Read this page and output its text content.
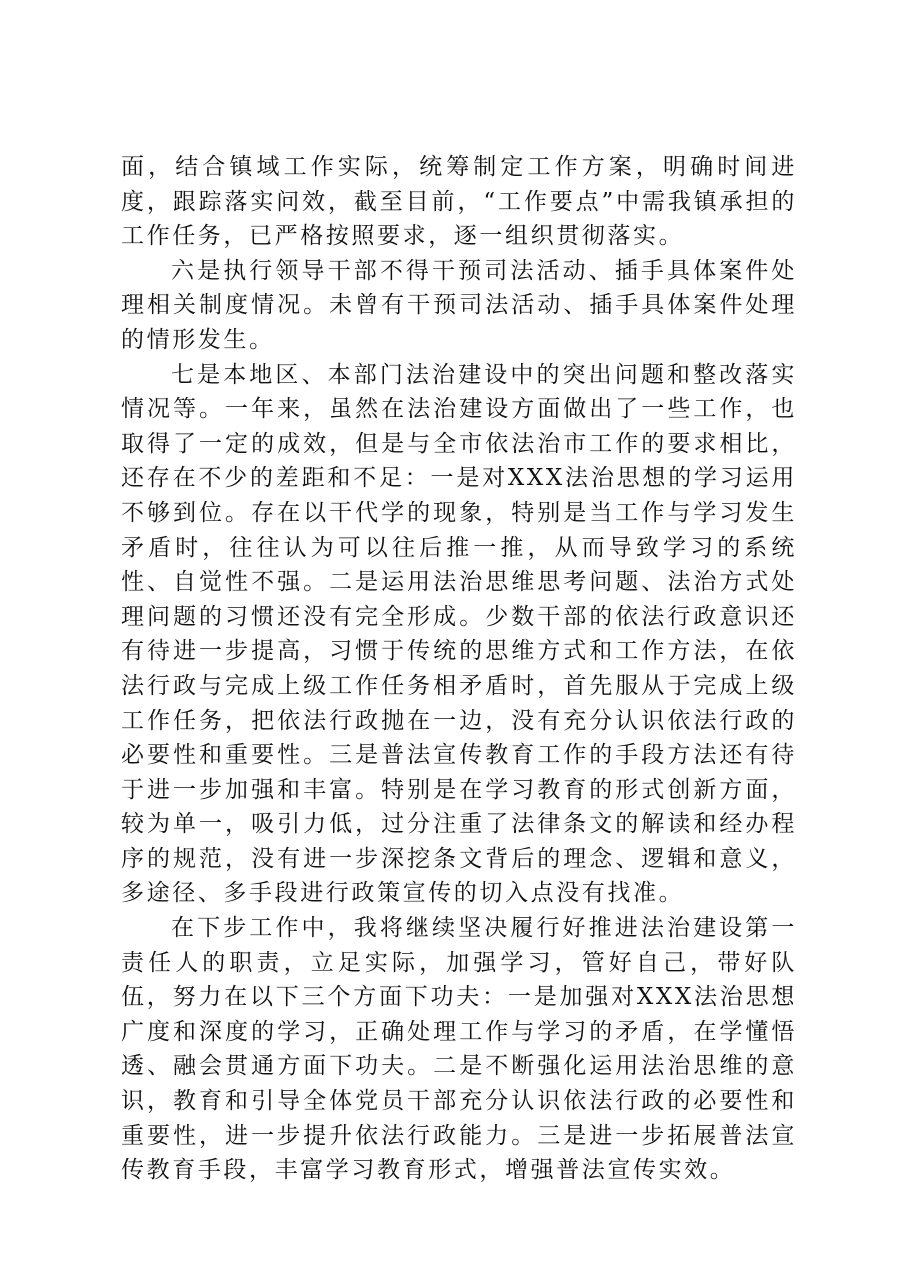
面，结合镇域工作实际，统筹制定工作方案，明确时间进度，跟踪落实问效，截至目前，“工作要点”中需我镇承担的工作任务，已严格按照要求，逐一组织贯彻落实。

六是执行领导干部不得干预司法活动、插手具体案件处理相关制度情况。未曾有干预司法活动、插手具体案件处理的情形发生。

七是本地区、本部门法治建设中的突出问题和整改落实情况等。一年来，虽然在法治建设方面做出了一些工作，也取得了一定的成效，但是与全市依法治市工作的要求相比，还存在不少的差距和不足：一是对XXX法治思想的学习运用不够到位。存在以干代学的现象，特别是当工作与学习发生矛盾时，往往认为可以往后推一推，从而导致学习的系统性、自觉性不强。二是运用法治思维思考问题、法治方式处理问题的习惯还没有完全形成。少数干部的依法行政意识还有待进一步提高，习惯于传统的思维方式和工作方法，在依法行政与完成上级工作任务相矛盾时，首先服从于完成上级工作任务，把依法行政抛在一边，没有充分认识依法行政的必要性和重要性。三是普法宣传教育工作的手段方法还有待于进一步加强和丰富。特别是在学习教育的形式创新方面，较为单一，吸引力低，过分注重了法律条文的解读和经办程序的规范，没有进一步深挖条文背后的理念、逻辑和意义，多途径、多手段进行政策宣传的切入点没有找准。

在下步工作中，我将继续坚决履行好推进法治建设第一责任人的职责，立足实际，加强学习，管好自己，带好队伍，努力在以下三个方面下功夫：一是加强对XXX法治思想广度和深度的学习，正确处理工作与学习的矛盾，在学懂悟透、融会贯通方面下功夫。二是不断强化运用法治思维的意识，教育和引导全体党员干部充分认识依法行政的必要性和重要性，进一步提升依法行政能力。三是进一步拓展普法宣传教育手段，丰富学习教育形式，增强普法宣传实效。
